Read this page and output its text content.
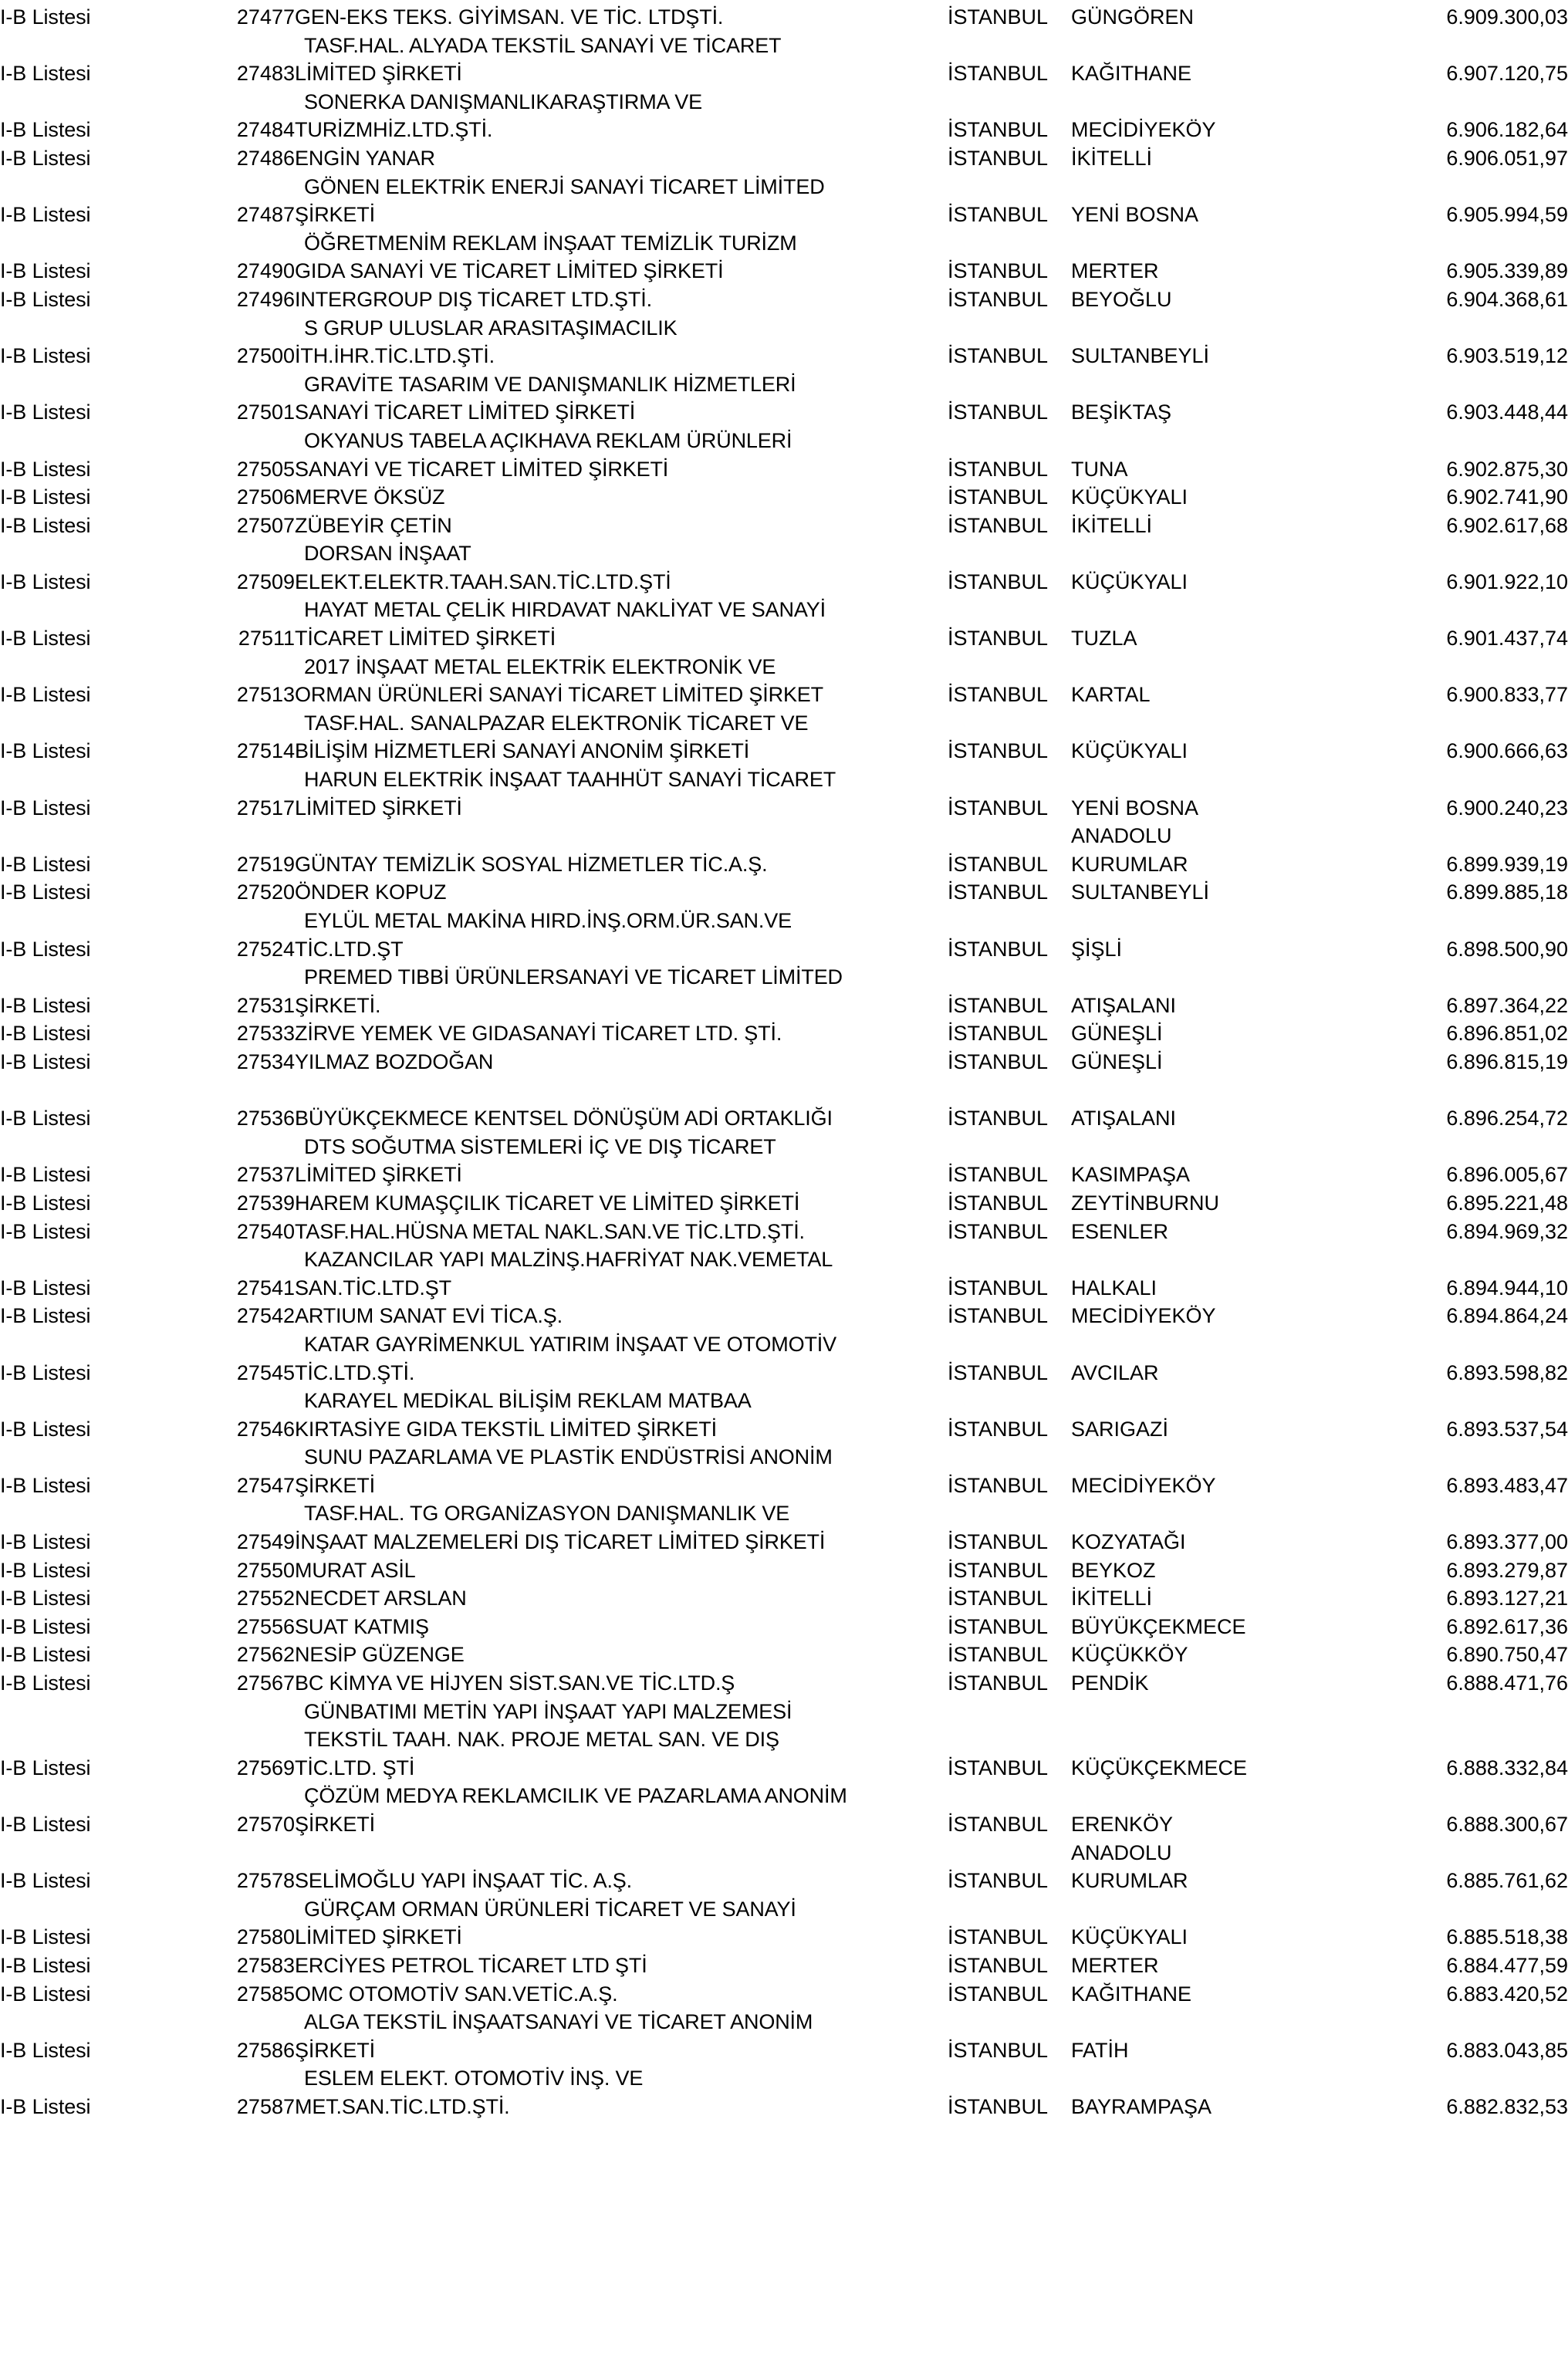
I-B Listesi	27477	GEN-EKS TEKS. GİYİMSAN. VE TİC. LTDŞTİ.	İSTANBUL	GÜNGÖREN	6.909.300,03
		TASF.HAL. ALYADA TEKSTİL SANAYİ VE TİCARET			
I-B Listesi	27483	LİMİTED ŞİRKETİ	İSTANBUL	KAĞITHANE	6.907.120,75
		SONERKA DANIŞMANLIKARAŞTIRMA VE			
I-B Listesi	27484	TURİZMHİZ.LTD.ŞTİ.	İSTANBUL	MECİDİYEKÖY	6.906.182,64
I-B Listesi	27486	ENGİN YANAR	İSTANBUL	İKİTELLİ	6.906.051,97
		GÖNEN ELEKTRİK ENERJİ SANAYİ TİCARET LİMİTED			
I-B Listesi	27487	ŞİRKETİ	İSTANBUL	YENİ BOSNA	6.905.994,59
		ÖĞRETMENİM REKLAM İNŞAAT TEMİZLİK TURİZM			
I-B Listesi	27490	GIDA SANAYİ VE TİCARET LİMİTED ŞİRKETİ	İSTANBUL	MERTER	6.905.339,89
I-B Listesi	27496	INTERGROUP DIŞ TİCARET LTD.ŞTİ.	İSTANBUL	BEYOĞLU	6.904.368,61
		S GRUP ULUSLAR ARASITAŞIMACILIK			
I-B Listesi	27500	İTH.İHR.TİC.LTD.ŞTİ.	İSTANBUL	SULTANBEYLİ	6.903.519,12
		GRAVİTE TASARIM VE DANIŞMANLIK HİZMETLERİ			
I-B Listesi	27501	SANAYİ TİCARET LİMİTED ŞİRKETİ	İSTANBUL	BEŞİKTAŞ	6.903.448,44
		OKYANUS TABELA AÇIKHAVA REKLAM ÜRÜNLERİ			
I-B Listesi	27505	SANAYİ VE TİCARET LİMİTED ŞİRKETİ	İSTANBUL	TUNA	6.902.875,30
I-B Listesi	27506	MERVE ÖKSÜZ	İSTANBUL	KÜÇÜKYALI	6.902.741,90
I-B Listesi	27507	ZÜBEYİR ÇETİN	İSTANBUL	İKİTELLİ	6.902.617,68
		DORSAN İNŞAAT			
I-B Listesi	27509	ELEKT.ELEKTR.TAAH.SAN.TİC.LTD.ŞTİ	İSTANBUL	KÜÇÜKYALI	6.901.922,10
		HAYAT METAL ÇELİK HIRDAVAT NAKLİYAT VE SANAYİ			
I-B Listesi	27511	TİCARET LİMİTED ŞİRKETİ	İSTANBUL	TUZLA	6.901.437,74
		2017 İNŞAAT METAL ELEKTRİK ELEKTRONİK VE			
I-B Listesi	27513	ORMAN ÜRÜNLERİ SANAYİ TİCARET LİMİTED ŞİRKET	İSTANBUL	KARTAL	6.900.833,77
		TASF.HAL. SANALPAZAR ELEKTRONİK TİCARET VE			
I-B Listesi	27514	BİLİŞİM HİZMETLERİ SANAYİ ANONİM ŞİRKETİ	İSTANBUL	KÜÇÜKYALI	6.900.666,63
		HARUN ELEKTRİK İNŞAAT TAAHHÜT SANAYİ TİCARET			
I-B Listesi	27517	LİMİTED ŞİRKETİ	İSTANBUL	YENİ BOSNA	6.900.240,23
				ANADOLU	
I-B Listesi	27519	GÜNTAY TEMİZLİK SOSYAL HİZMETLER TİC.A.Ş.	İSTANBUL	KURUMLAR	6.899.939,19
I-B Listesi	27520	ÖNDER KOPUZ	İSTANBUL	SULTANBEYLİ	6.899.885,18
		EYLÜL METAL MAKİNA HIRD.İNŞ.ORM.ÜR.SAN.VE			
I-B Listesi	27524	TİC.LTD.ŞT	İSTANBUL	ŞİŞLİ	6.898.500,90
		PREMED TIBBİ ÜRÜNLERSANAYİ VE TİCARET LİMİTED			
I-B Listesi	27531	ŞİRKETİ.	İSTANBUL	ATIŞALANI	6.897.364,22
I-B Listesi	27533	ZİRVE YEMEK VE GIDASANAYİ TİCARET LTD. ŞTİ.	İSTANBUL	GÜNEŞLİ	6.896.851,02
I-B Listesi	27534	YILMAZ BOZDOĞAN	İSTANBUL	GÜNEŞLİ	6.896.815,19

I-B Listesi	27536	BÜYÜKÇEKMECE KENTSEL DÖNÜŞÜM ADİ ORTAKLIĞI	İSTANBUL	ATIŞALANI	6.896.254,72
		DTS SOĞUTMA SİSTEMLERİ İÇ VE DIŞ TİCARET			
I-B Listesi	27537	LİMİTED ŞİRKETİ	İSTANBUL	KASIMPAŞA	6.896.005,67
I-B Listesi	27539	HAREM KUMAŞÇILIK TİCARET VE LİMİTED ŞİRKETİ	İSTANBUL	ZEYTİNBURNU	6.895.221,48
I-B Listesi	27540	TASF.HAL.HÜSNA METAL NAKL.SAN.VE TİC.LTD.ŞTİ.	İSTANBUL	ESENLER	6.894.969,32
		KAZANCILAR YAPI MALZİNŞ.HAFRİYAT NAK.VEMETAL			
I-B Listesi	27541	SAN.TİC.LTD.ŞT	İSTANBUL	HALKALI	6.894.944,10
I-B Listesi	27542	ARTIUM SANAT EVİ TİCA.Ş.	İSTANBUL	MECİDİYEKÖY	6.894.864,24
		KATAR GAYRİMENKUL YATIRIM İNŞAAT VE OTOMOTİV			
I-B Listesi	27545	TİC.LTD.ŞTİ.	İSTANBUL	AVCILAR	6.893.598,82
		KARAYEL MEDİKAL BİLİŞİM REKLAM MATBAA			
I-B Listesi	27546	KIRTASİYE GIDA TEKSTİL LİMİTED ŞİRKETİ	İSTANBUL	SARIGAZİ	6.893.537,54
		SUNU PAZARLAMA VE PLASTİK ENDÜSTRİSİ ANONİM			
I-B Listesi	27547	ŞİRKETİ	İSTANBUL	MECİDİYEKÖY	6.893.483,47
		TASF.HAL. TG ORGANİZASYON DANIŞMANLIK VE			
I-B Listesi	27549	İNŞAAT MALZEMELERİ DIŞ TİCARET LİMİTED ŞİRKETİ	İSTANBUL	KOZYATAĞI	6.893.377,00
I-B Listesi	27550	MURAT ASİL	İSTANBUL	BEYKOZ	6.893.279,87
I-B Listesi	27552	NECDET ARSLAN	İSTANBUL	İKİTELLİ	6.893.127,21
I-B Listesi	27556	SUAT KATMIŞ	İSTANBUL	BÜYÜKÇEKMECE	6.892.617,36
I-B Listesi	27562	NESİP GÜZENGE	İSTANBUL	KÜÇÜKKÖY	6.890.750,47
I-B Listesi	27567	BC KİMYA VE HİJYEN SİST.SAN.VE TİC.LTD.Ş	İSTANBUL	PENDİK	6.888.471,76
		GÜNBATIMI METİN YAPI İNŞAAT YAPI MALZEMESİ			
		TEKSTİL TAAH. NAK. PROJE METAL SAN. VE DIŞ			
I-B Listesi	27569	TİC.LTD. ŞTİ	İSTANBUL	KÜÇÜKÇEKMECE	6.888.332,84
		ÇÖZÜM MEDYA REKLAMCILIK VE PAZARLAMA ANONİM			
I-B Listesi	27570	ŞİRKETİ	İSTANBUL	ERENKÖY	6.888.300,67
				ANADOLU	
I-B Listesi	27578	SELİMOĞLU YAPI İNŞAAT TİC. A.Ş.	İSTANBUL	KURUMLAR	6.885.761,62
		GÜRÇAM ORMAN ÜRÜNLERİ TİCARET VE SANAYİ			
I-B Listesi	27580	LİMİTED ŞİRKETİ	İSTANBUL	KÜÇÜKYALI	6.885.518,38
I-B Listesi	27583	ERCİYES PETROL TİCARET LTD ŞTİ	İSTANBUL	MERTER	6.884.477,59
I-B Listesi	27585	OMC OTOMOTİV SAN.VETİC.A.Ş.	İSTANBUL	KAĞITHANE	6.883.420,52
		ALGA TEKSTİL İNŞAATSANAYİ VE TİCARET ANONİM			
I-B Listesi	27586	ŞİRKETİ	İSTANBUL	FATİH	6.883.043,85
		ESLEM ELEKT. OTOMOTİV İNŞ. VE			
I-B Listesi	27587	MET.SAN.TİC.LTD.ŞTİ.	İSTANBUL	BAYRAMPAŞA	6.882.832,53
